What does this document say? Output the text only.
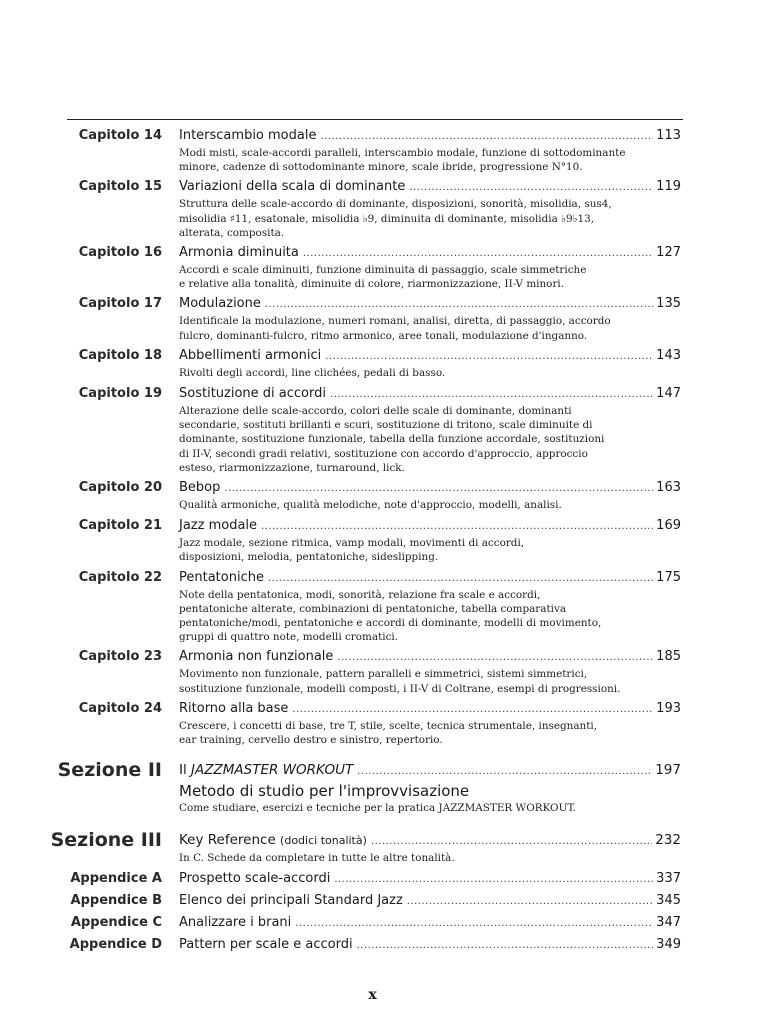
Capitolo 14 Interscambio modale .....	113
Modi misti, scale-accordi paralleli, interscambio modale, funzione di sottodominante
minore, cadenze di sottodominante minore, scale ibride, progressione N°10.
Capitolo 15 Variazioni della scala di dominante .....	119
Struttura delle scale-accordo di dominante, disposizioni, sonorità, misolidia, sus4,
misolidia ♯11, esatonale, misolidia ♭9, diminuita di dominante, misolidia ♭9♭13,
alterata, composita.
Capitolo 16 Armonia diminuita .....	127
Accordi e scale diminuiti, funzione diminuita di passaggio, scale simmetriche
e relative alla tonalità, diminuite di colore, riarmonizzazione, II-V minori.
Capitolo 17 Modulazione .....	135
Identificale la modulazione, numeri romani, analisi, diretta, di passaggio, accordo
fulcro, dominanti-fulcro, ritmo armonico, aree tonali, modulazione d'inganno.
Capitolo 18 Abbellimenti armonici .....	143
Rivolti degli accordi, line clichées, pedali di basso.
Capitolo 19 Sostituzione di accordi .....	147
Alterazione delle scale-accordo, colori delle scale di dominante, dominanti
secondarie, sostituti brillanti e scuri, sostituzione di tritono, scale diminuite di
dominante, sostituzione funzionale, tabella della funzione accordale, sostituzioni
di II-V, secondi gradi relativi, sostituzione con accordo d'approccio, approccio
esteso, riarmonizzazione, turnaround, lick.
Capitolo 20 Bebop .....	163
Qualità armoniche, qualità melodiche, note d'approccio, modelli, analisi.
Capitolo 21 Jazz modale .....	169
Jazz modale, sezione ritmica, vamp modali, movimenti di accordi,
disposizioni, melodia, pentatoniche, sideslipping.
Capitolo 22 Pentatoniche .....	175
Note della pentatonica, modi, sonorità, relazione fra scale e accordi,
pentatoniche alterate, combinazioni di pentatoniche, tabella comparativa
pentatoniche/modi, pentatoniche e accordi di dominante, modelli di movimento,
gruppi di quattro note, modelli cromatici.
Capitolo 23 Armonia non funzionale .....	185
Movimento non funzionale, pattern paralleli e simmetrici, sistemi simmetrici,
sostituzione funzionale, modelli composti, i II-V di Coltrane, esempi di progressioni.
Capitolo 24 Ritorno alla base .....	193
Crescere, i concetti di base, tre T, stile, scelte, tecnica strumentale, insegnanti,
ear training, cervello destro e sinistro, repertorio.
Sezione II Il JAZZMASTER WORKOUT .....	197
Metodo di studio per l'improvvisazione
Come studiare, esercizi e tecniche per la pratica JAZZMASTER WORKOUT.
Sezione III Key Reference (dodici tonalità) .....	232
In C. Schede da completare in tutte le altre tonalità.
Appendice A Prospetto scale-accordi .....	337
Appendice B Elenco dei principali Standard Jazz .....	345
Appendice C Analizzare i brani .....	347
Appendice D Pattern per scale e accordi .....	349
x
